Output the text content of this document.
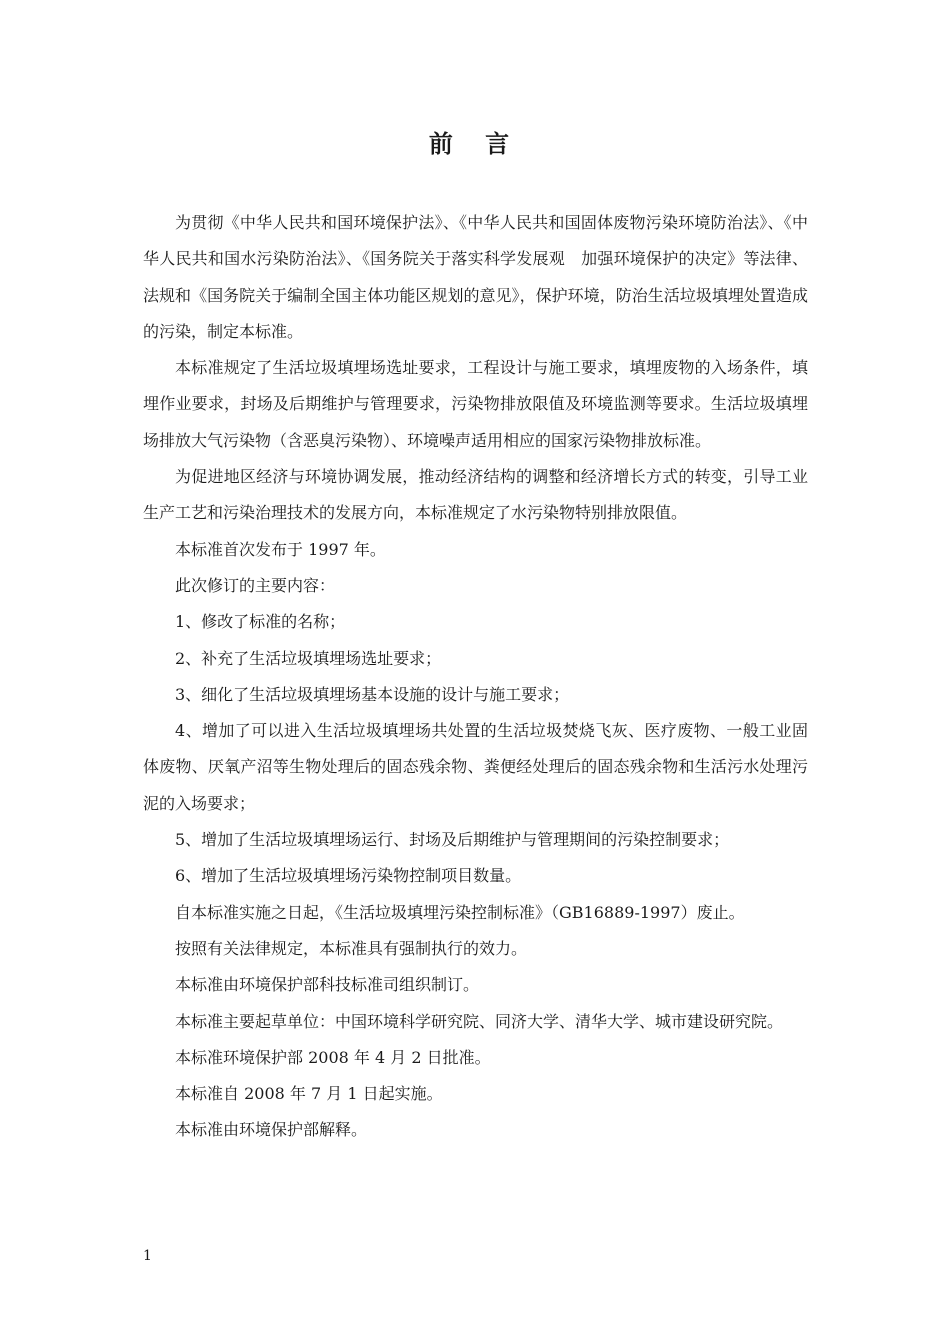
前 言

为贯彻《中华人民共和国环境保护法》、《中华人民共和国固体废物污染环境防治法》、《中华人民共和国水污染防治法》、《国务院关于落实科学发展观　加强环境保护的决定》等法律、法规和《国务院关于编制全国主体功能区规划的意见》，保护环境，防治生活垃圾填埋处置造成的污染，制定本标准。

本标准规定了生活垃圾填埋场选址要求，工程设计与施工要求，填埋废物的入场条件，填埋作业要求，封场及后期维护与管理要求，污染物排放限值及环境监测等要求。生活垃圾填埋场排放大气污染物（含恶臭污染物）、环境噪声适用相应的国家污染物排放标准。

为促进地区经济与环境协调发展，推动经济结构的调整和经济增长方式的转变，引导工业生产工艺和污染治理技术的发展方向，本标准规定了水污染物特别排放限值。

本标准首次发布于 1997 年。

此次修订的主要内容：

1、修改了标准的名称；

2、补充了生活垃圾填埋场选址要求；

3、细化了生活垃圾填埋场基本设施的设计与施工要求；

4、增加了可以进入生活垃圾填埋场共处置的生活垃圾焚烧飞灰、医疗废物、一般工业固体废物、厌氧产沼等生物处理后的固态残余物、粪便经处理后的固态残余物和生活污水处理污泥的入场要求；

5、增加了生活垃圾填埋场运行、封场及后期维护与管理期间的污染控制要求；

6、增加了生活垃圾填埋场污染物控制项目数量。

自本标准实施之日起，《生活垃圾填埋污染控制标准》（GB16889-1997）废止。

按照有关法律规定，本标准具有强制执行的效力。

本标准由环境保护部科技标准司组织制订。

本标准主要起草单位：中国环境科学研究院、同济大学、清华大学、城市建设研究院。

本标准环境保护部 2008 年 4 月 2 日批准。

本标准自 2008 年 7 月 1 日起实施。

本标准由环境保护部解释。

1
